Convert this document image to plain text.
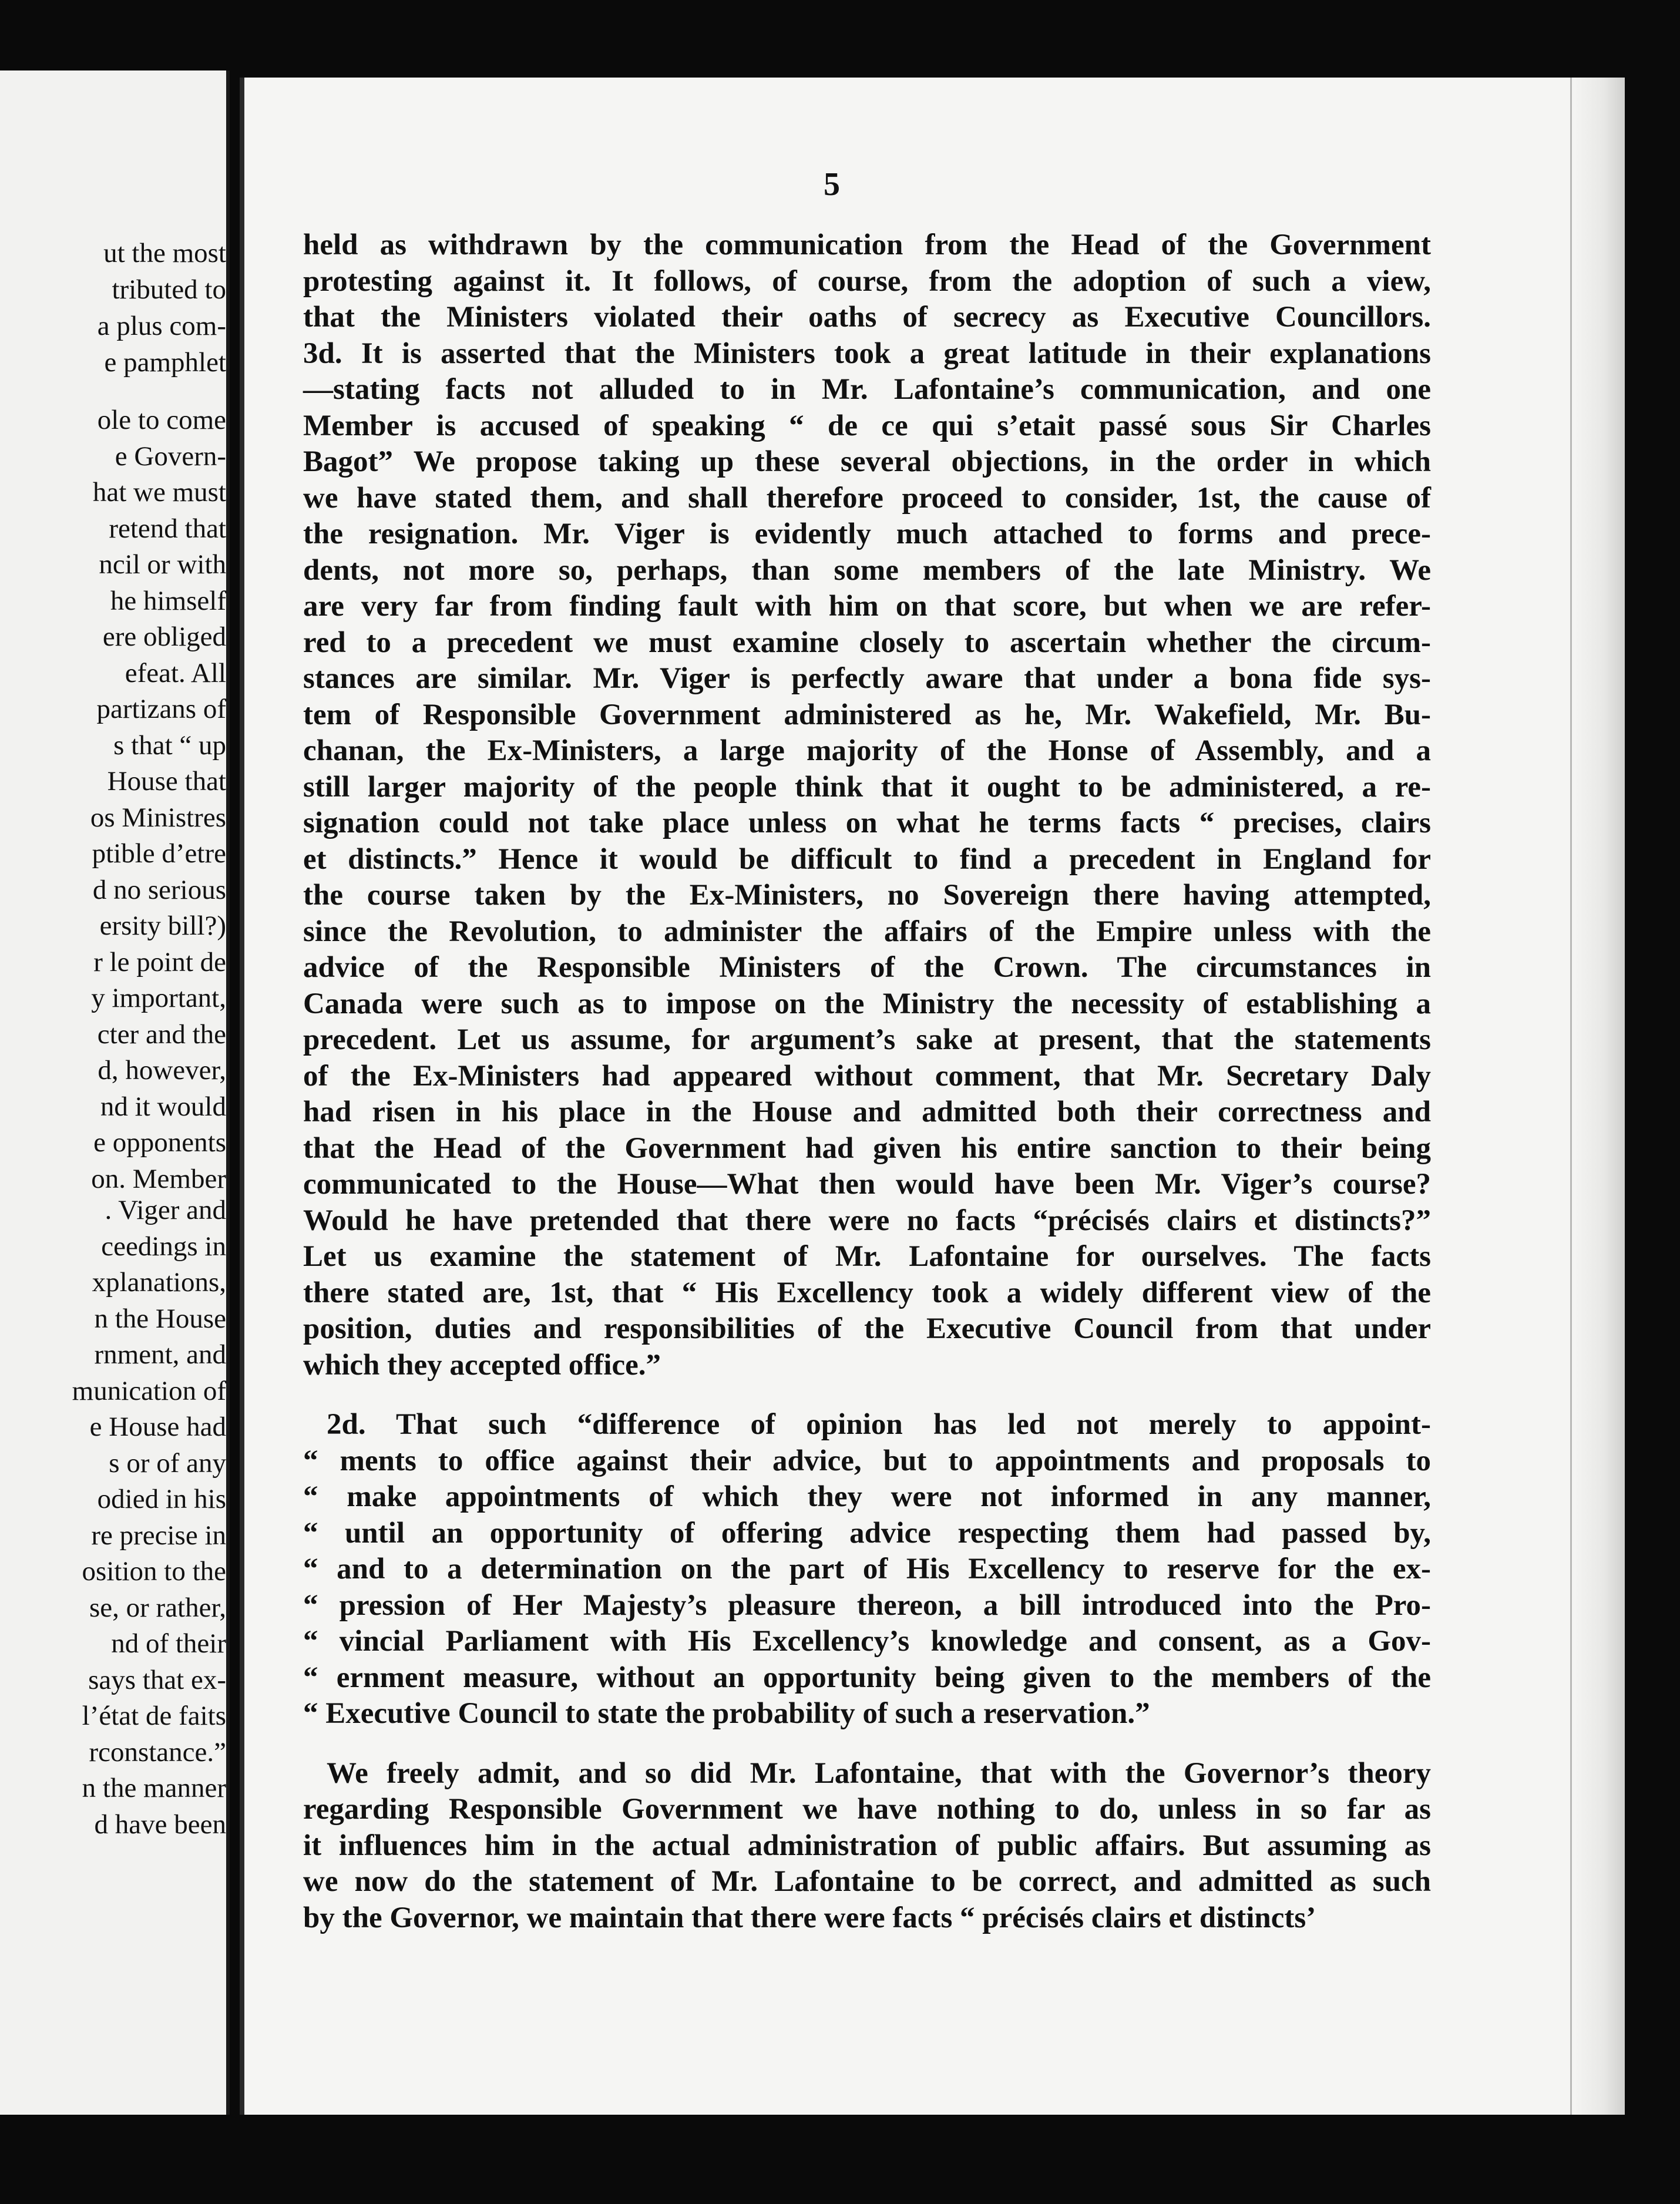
ut the most
tributed to
a plus com-
e pamphlet
ole to come
e Govern-
hat we must
retend that
ncil or with
he himself
ere obliged
efeat. All
partizans of
s that “ up
House that
os Ministres
ptible d’etre
d no serious
ersity bill?)
r le point de
y important,
cter and the
d, however,
nd it would
e opponents
on. Member
. Viger and
ceedings in
xplanations,
n the House
rnment, and
munication of
e House had
s or of any
odied in his
re precise in
osition to the
se, or rather,
nd of their
says that ex-
l’état de faits
rconstance.”
n the manner
d have been
5
held as withdrawn by the communication from the Head of the Government
protesting against it. It follows, of course, from the adoption of such a view,
that the Ministers violated their oaths of secrecy as Executive Councillors.
3d. It is asserted that the Ministers took a great latitude in their explanations
—stating facts not alluded to in Mr. Lafontaine’s communication, and one
Member is accused of speaking “ de ce qui s’etait passé sous Sir Charles
Bagot” We propose taking up these several objections, in the order in which
we have stated them, and shall therefore proceed to consider, 1st, the cause of
the resignation. Mr. Viger is evidently much attached to forms and prece-
dents, not more so, perhaps, than some members of the late Ministry. We
are very far from finding fault with him on that score, but when we are refer-
red to a precedent we must examine closely to ascertain whether the circum-
stances are similar. Mr. Viger is perfectly aware that under a bona fide sys-
tem of Responsible Government administered as he, Mr. Wakefield, Mr. Bu-
chanan, the Ex-Ministers, a large majority of the Honse of Assembly, and a
still larger majority of the people think that it ought to be administered, a re-
signation could not take place unless on what he terms facts “ precises, clairs
et distincts.” Hence it would be difficult to find a precedent in England for
the course taken by the Ex-Ministers, no Sovereign there having attempted,
since the Revolution, to administer the affairs of the Empire unless with the
advice of the Responsible Ministers of the Crown. The circumstances in
Canada were such as to impose on the Ministry the necessity of establishing a
precedent. Let us assume, for argument’s sake at present, that the statements
of the Ex-Ministers had appeared without comment, that Mr. Secretary Daly
had risen in his place in the House and admitted both their correctness and
that the Head of the Government had given his entire sanction to their being
communicated to the House—What then would have been Mr. Viger’s course?
Would he have pretended that there were no facts “précisés clairs et distincts?”
Let us examine the statement of Mr. Lafontaine for ourselves. The facts
there stated are, 1st, that “ His Excellency took a widely different view of the
position, duties and responsibilities of the Executive Council from that under
which they accepted office.”
2d. That such “difference of opinion has led not merely to appoint-
“ ments to office against their advice, but to appointments and proposals to
“ make appointments of which they were not informed in any manner,
“ until an opportunity of offering advice respecting them had passed by,
“ and to a determination on the part of His Excellency to reserve for the ex-
“ pression of Her Majesty’s pleasure thereon, a bill introduced into the Pro-
“ vincial Parliament with His Excellency’s knowledge and consent, as a Gov-
“ ernment measure, without an opportunity being given to the members of the
“ Executive Council to state the probability of such a reservation.”
We freely admit, and so did Mr. Lafontaine, that with the Governor’s theory
regarding Responsible Government we have nothing to do, unless in so far as
it influences him in the actual administration of public affairs. But assuming as
we now do the statement of Mr. Lafontaine to be correct, and admitted as such
by the Governor, we maintain that there were facts “ précisés clairs et distincts’
